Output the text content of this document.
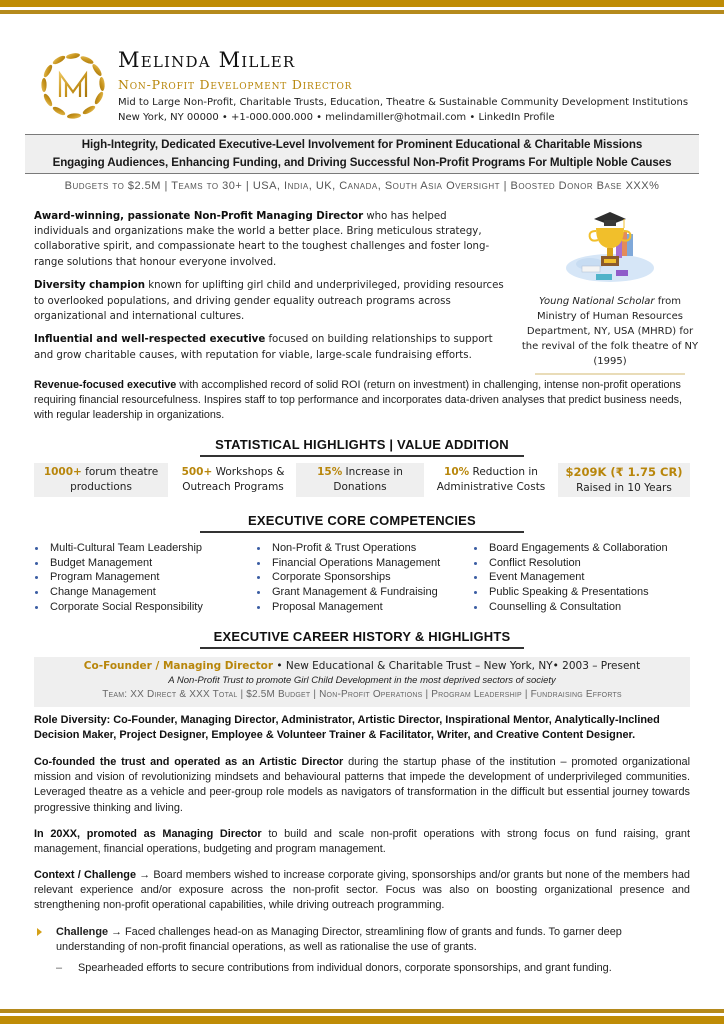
Melinda Miller
Non-Profit Development Director
Mid to Large Non-Profit, Charitable Trusts, Education, Theatre & Sustainable Community Development Institutions
New York, NY 00000 • +1-000.000.000 • melindamiller@hotmail.com • LinkedIn Profile
High-Integrity, Dedicated Executive-Level Involvement for Prominent Educational & Charitable Missions
Engaging Audiences, Enhancing Funding, and Driving Successful Non-Profit Programs For Multiple Noble Causes
Budgets to $2.5M | Teams to 30+ | USA, India, UK, Canada, South Asia Oversight | Boosted Donor Base XXX%

Award-winning, passionate Non-Profit Managing Director who has helped individuals and organizations make the world a better place. Bring meticulous strategy, collaborative spirit, and compassionate heart to the toughest challenges and foster long-range solutions that honour everyone involved.

Diversity champion known for uplifting girl child and underprivileged, providing resources to overlooked populations, and driving gender equality outreach programs across organizational and international cultures.

Influential and well-respected executive focused on building relationships to support and grow charitable causes, with reputation for viable, large-scale fundraising efforts.

Young National Scholar from Ministry of Human Resources Department, NY, USA (MHRD) for the revival of the folk theatre of NY (1995)
Revenue-focused executive with accomplished record of solid ROI (return on investment) in challenging, intense non-profit operations requiring financial resourcefulness. Inspires staff to top performance and incorporates data-driven analyses that predict business needs, with regular leadership in organizations.
STATISTICAL HIGHLIGHTS | VALUE ADDITION
1000+ forum theatre
productions
500+ Workshops &
Outreach Programs
15% Increase in
Donations
10% Reduction in
Administrative Costs
$209K (₹ 1.75 CR)
Raised in 10 Years
EXECUTIVE CORE COMPETENCIES
Multi-Cultural Team Leadership
Budget Management
Program Management
Change Management
Corporate Social Responsibility
Non-Profit & Trust Operations
Financial Operations Management
Corporate Sponsorships
Grant Management & Fundraising
Proposal Management
Board Engagements & Collaboration
Conflict Resolution
Event Management
Public Speaking & Presentations
Counselling & Consultation
EXECUTIVE CAREER HISTORY & HIGHLIGHTS
Co-Founder / Managing Director • New Educational & Charitable Trust – New York, NY• 2003 – Present
A Non-Profit Trust to promote Girl Child Development in the most deprived sectors of society
Team: XX Direct & XXX Total | $2.5M Budget | Non-Profit Operations | Program Leadership | Fundraising Efforts
Role Diversity: Co-Founder, Managing Director, Administrator, Artistic Director, Inspirational Mentor, Analytically-Inclined Decision Maker, Project Designer, Employee & Volunteer Trainer & Facilitator, Writer, and Creative Content Designer.
Co-founded the trust and operated as an Artistic Director during the startup phase of the institution – promoted organizational mission and vision of revolutionizing mindsets and behavioural patterns that impede the development of underprivileged communities. Leveraged theatre as a vehicle and peer-group role models as navigators of transformation in the difficult but essential journey towards progressive thinking and living.
In 20XX, promoted as Managing Director to build and scale non-profit operations with strong focus on fund raising, grant management, financial operations, budgeting and program management.
Context / Challenge → Board members wished to increase corporate giving, sponsorships and/or grants but none of the members had relevant experience and/or exposure across the non-profit sector. Focus was also on boosting organizational presence and strengthening non-profit operational capabilities, while driving outreach programming.
Challenge → Faced challenges head-on as Managing Director, streamlining flow of grants and funds. To garner deep understanding of non-profit financial operations, as well as rationalise the use of grants.
–	Spearheaded efforts to secure contributions from individual donors, corporate sponsorships, and grant funding.
